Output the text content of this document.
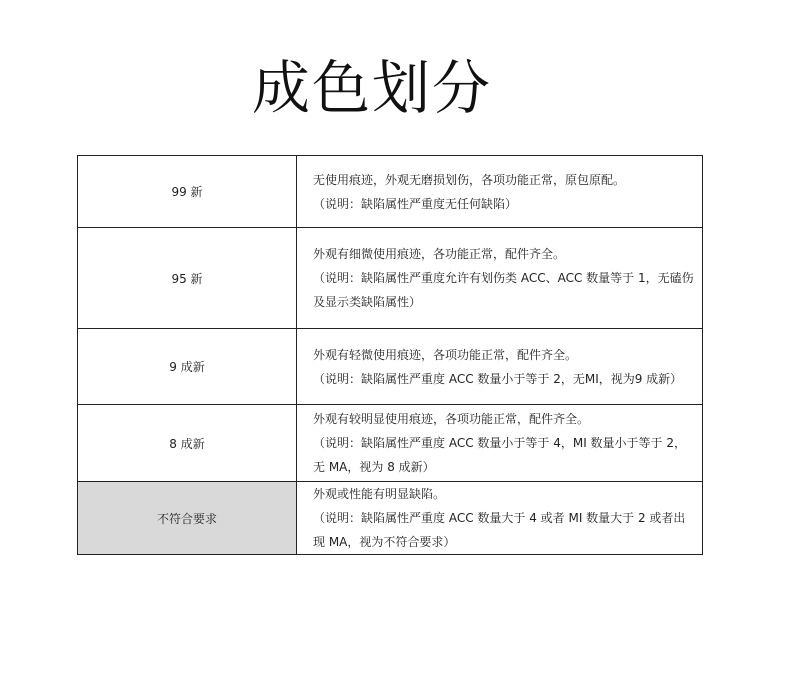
成色划分
99 新	无使用痕迹，外观无磨损划伤，各项功能正常，原包原配。
（说明：缺陷属性严重度无任何缺陷）

95 新	外观有细微使用痕迹，各功能正常，配件齐全。
（说明：缺陷属性严重度允许有划伤类 ACC、ACC 数量等于 1，无磕伤及显示类缺陷属性）

9 成新	外观有轻微使用痕迹，各项功能正常，配件齐全。
（说明：缺陷属性严重度 ACC 数量小于等于 2，无MI，视为9 成新）

8 成新	外观有较明显使用痕迹，各项功能正常，配件齐全。
（说明：缺陷属性严重度 ACC 数量小于等于 4，MI 数量小于等于 2，无 MA，视为 8 成新）

不符合要求	外观或性能有明显缺陷。
（说明：缺陷属性严重度 ACC 数量大于 4 或者 MI 数量大于 2 或者出现 MA，视为不符合要求）
